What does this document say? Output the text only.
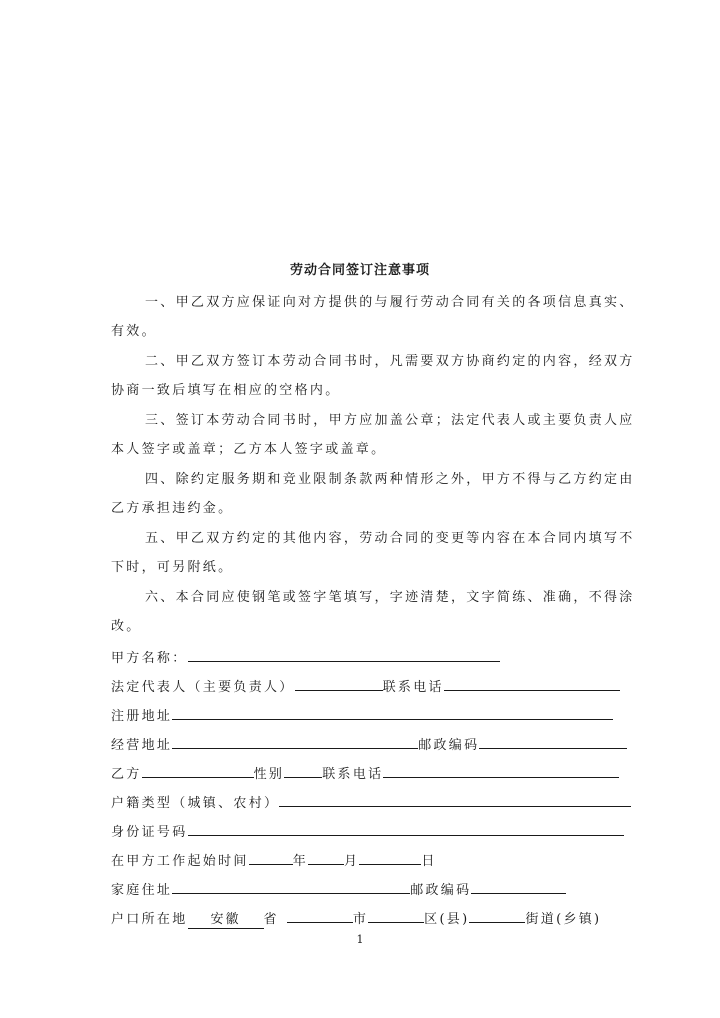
劳动合同签订注意事项
一、甲乙双方应保证向对方提供的与履行劳动合同有关的各项信息真实、
有效。
二、甲乙双方签订本劳动合同书时，凡需要双方协商约定的内容，经双方
协商一致后填写在相应的空格内。
三、签订本劳动合同书时，甲方应加盖公章；法定代表人或主要负责人应
本人签字或盖章；乙方本人签字或盖章。
四、除约定服务期和竞业限制条款两种情形之外，甲方不得与乙方约定由
乙方承担违约金。
五、甲乙双方约定的其他内容，劳动合同的变更等内容在本合同内填写不
下时，可另附纸。
六、本合同应使钢笔或签字笔填写，字迹清楚，文字简练、准确，不得涂
改。
甲方名称：
法定代表人（主要负责人）	联系电话
注册地址
经营地址	邮政编码
乙方	性别	联系电话
户籍类型（城镇、农村）
身份证号码
在甲方工作起始时间	年	月	日
家庭住址	邮政编码
户口所在地 安徽 省	市	区(县)	街道(乡镇)
1
